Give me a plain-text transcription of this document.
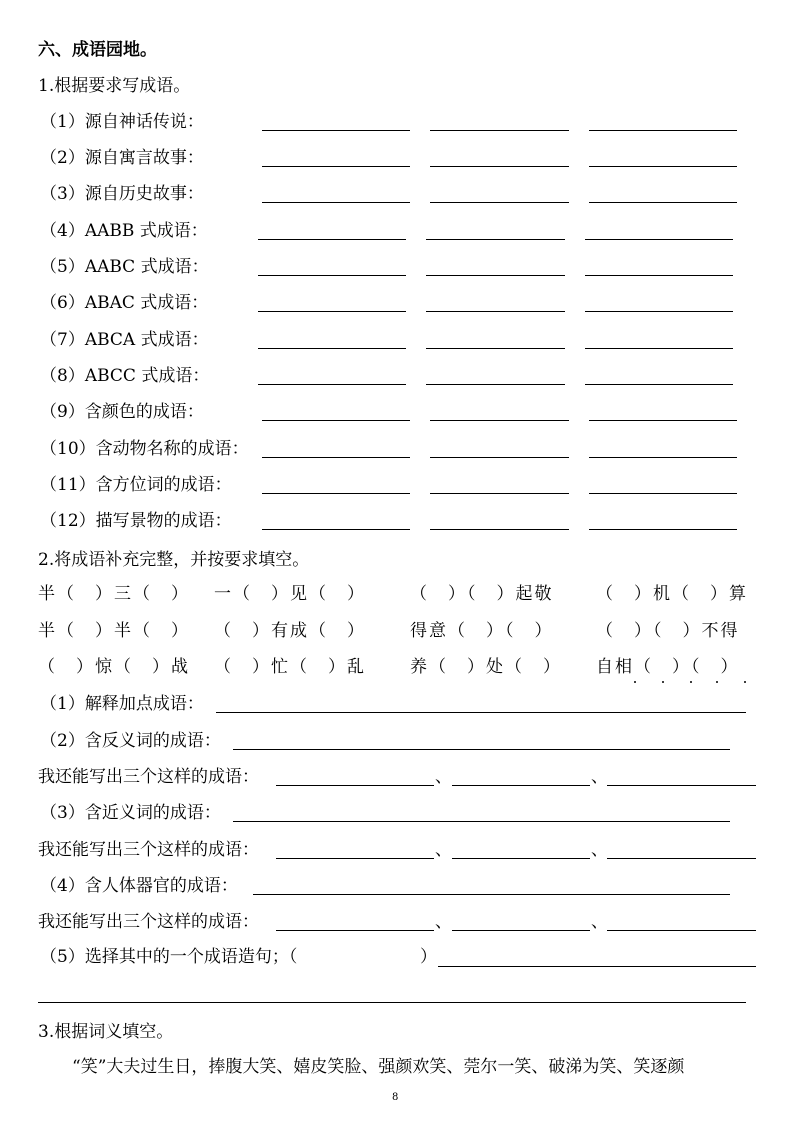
六、成语园地。
1.根据要求写成语。
（1）源自神话传说：
（2）源自寓言故事：
（3）源自历史故事：
（4）AABB 式成语：
（5）AABC 式成语：
（6）ABAC 式成语：
（7）ABCA 式成语：
（8）ABCC 式成语：
（9）含颜色的成语：
（10）含动物名称的成语：
（11）含方位词的成语：
（12）描写景物的成语：
2.将成语补充完整，并按要求填空。
半（　）三（　） 一（　）见（　）	（　）（　）起敬	（　）机（　）算
半（　）半（　） （　）有成（　）	得意（　）（　）	（　）（　）不得
（　）惊（　）战 （　）忙（　）乱	养（　）处（　） 自相（　）（　）
（1）解释加点成语：
（2）含反义词的成语：
我还能写出三个这样的成语：	、	、
（3）含近义词的成语：
我还能写出三个这样的成语：	、	、
（4）含人体器官的成语：
我还能写出三个这样的成语：	、	、
（5）选择其中的一个成语造句；（	）
3.根据词义填空。
“笑”大夫过生日，捧腹大笑、嬉皮笑脸、强颜欢笑、莞尔一笑、破涕为笑、笑逐颜
8
